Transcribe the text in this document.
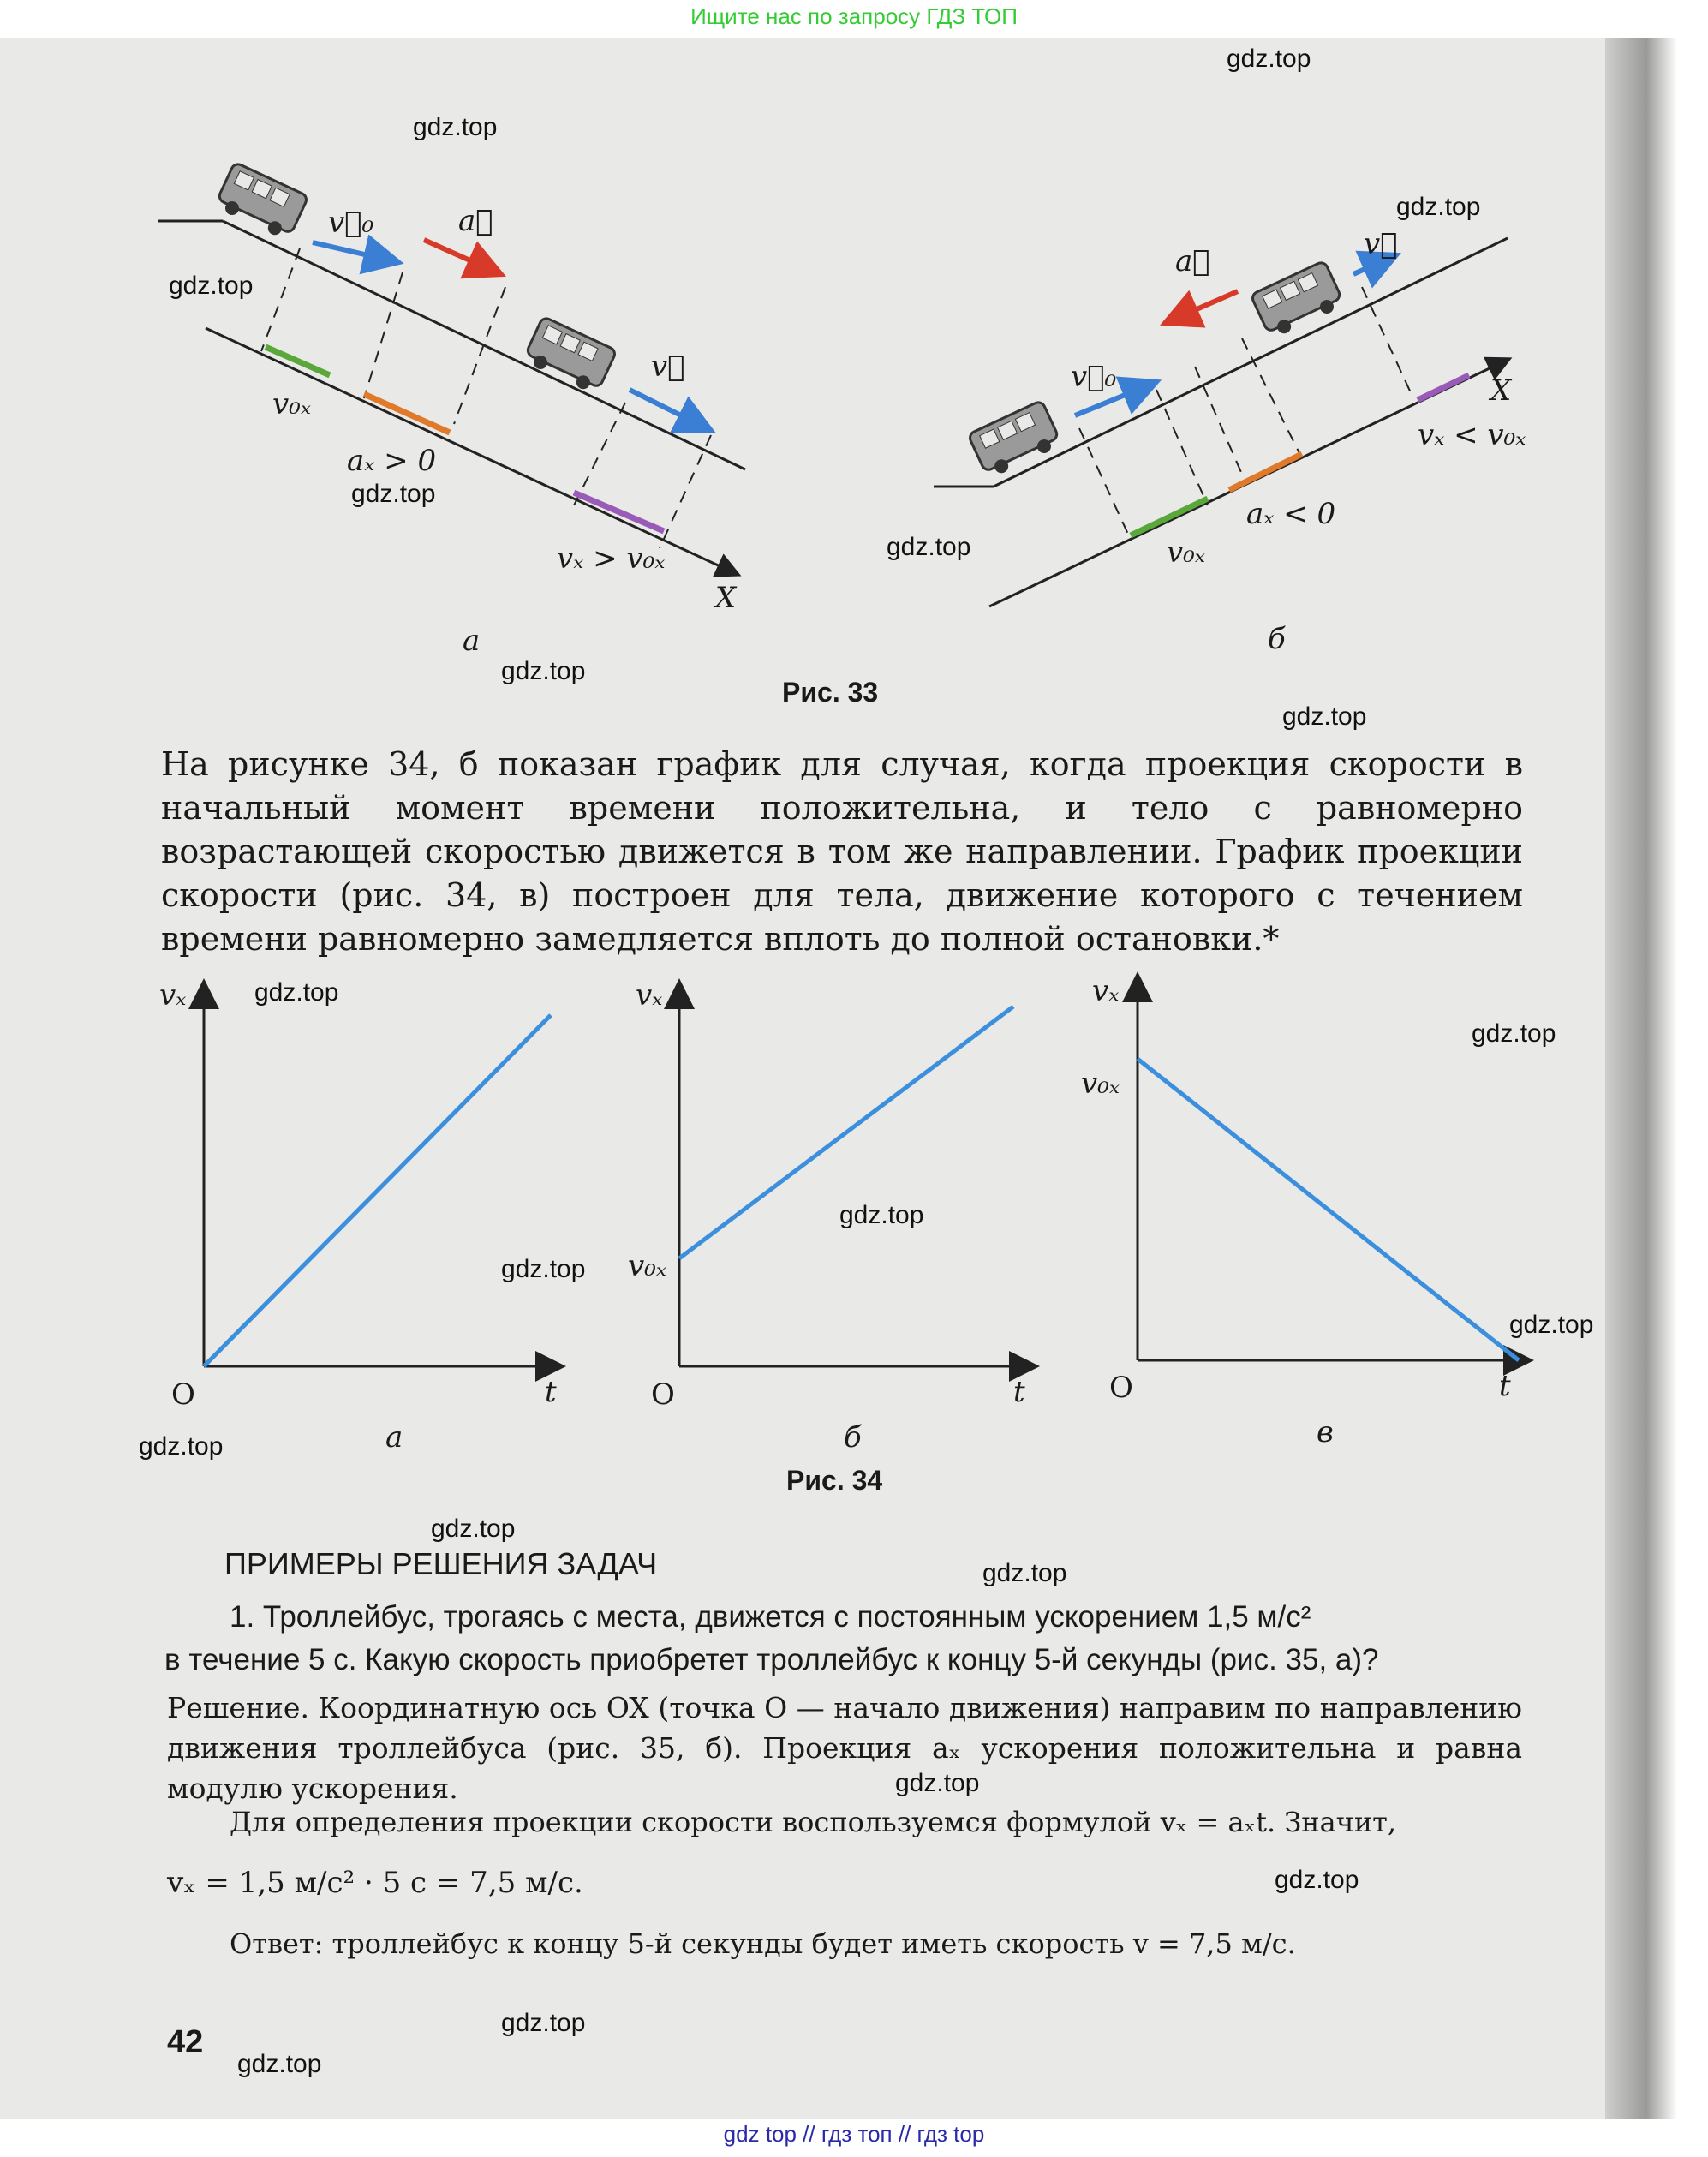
Ищите нас по запросу ГДЗ ТОП
gdz top // гдз топ // гдз top
v⃗₀	a⃗
v⃗
v₀ₓ
aₓ > 0
vₓ > v₀ₓ
X
а
v⃗₀
a⃗	v⃗
v₀ₓ
aₓ < 0
vₓ < v₀ₓ
X
б
Рис. 33
На рисунке 34, б показан график для случая, когда проекция скорости в начальный момент времени положительна, и тело с равномерно возрастающей скоростью движется в том же направлении. График проекции скорости (рис. 34, в) построен для тела, движение которого с течением времени равномерно замедляется вплоть до полной остановки.*
vₓ
t
O
а
vₓ
t
O
v₀ₓ
б
vₓ
t
O
v₀ₓ
в
Рис. 34
ПРИМЕРЫ РЕШЕНИЯ ЗАДАЧ
1. Троллейбус, трогаясь с места, движется с постоянным ускорением 1,5 м/с²
в течение 5 с. Какую скорость приобретет троллейбус к концу 5-й секунды (рис. 35, а)?
Решение. Координатную ось OX (точка O — начало движения) направим по направлению движения троллейбуса (рис. 35, б). Проекция aₓ ускорения положительна и равна модулю ускорения.
Для определения проекции скорости воспользуемся формулой vₓ = aₓt. Значит,
vₓ = 1,5 м/с² · 5 с = 7,5 м/с.
Ответ: троллейбус к концу 5-й секунды будет иметь скорость v = 7,5 м/с.
42
gdz.top
gdz.top
gdz.top
gdz.top
gdz.top
gdz.top
gdz.top
gdz.top
gdz.top
gdz.top
gdz.top
gdz.top
gdz.top
gdz.top
gdz.top
gdz.top
gdz.top
gdz.top
gdz.top
gdz.top
